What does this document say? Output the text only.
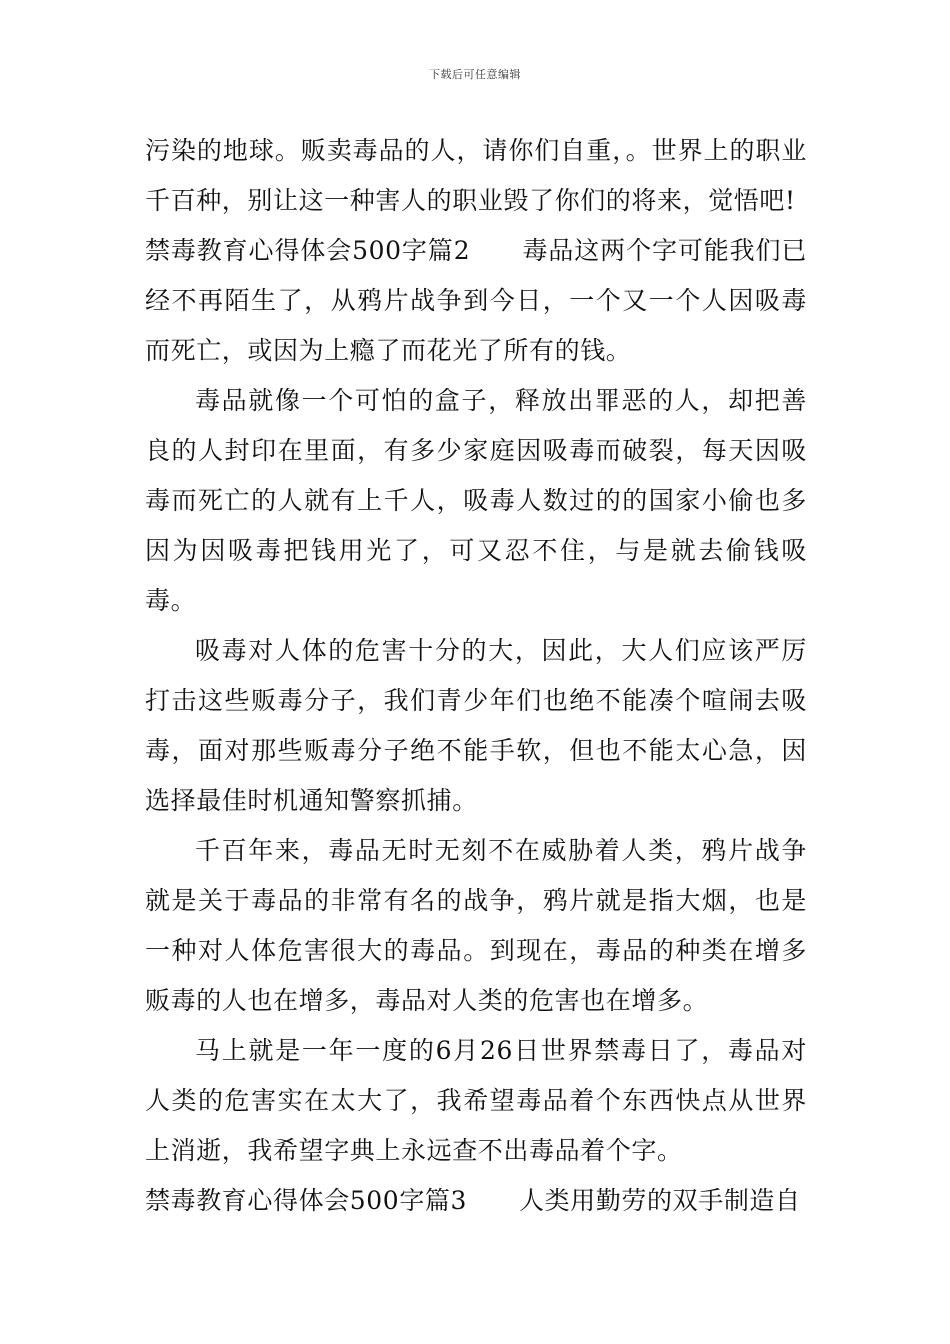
下载后可任意编辑

污染的地球。贩卖毒品的人，请你们自重，。世界上的职业千百种，别让这一种害人的职业毁了你们的将来，觉悟吧!

禁毒教育心得体会500字篇2 毒品这两个字可能我们已经不再陌生了，从鸦片战争到今日，一个又一个人因吸毒而死亡，或因为上瘾了而花光了所有的钱。

毒品就像一个可怕的盒子，释放出罪恶的人，却把善良的人封印在里面，有多少家庭因吸毒而破裂，每天因吸毒而死亡的人就有上千人，吸毒人数过的的国家小偷也多因为因吸毒把钱用光了，可又忍不住，与是就去偷钱吸毒。

吸毒对人体的危害十分的大，因此，大人们应该严厉打击这些贩毒分子，我们青少年们也绝不能凑个喧闹去吸毒，面对那些贩毒分子绝不能手软，但也不能太心急，因选择最佳时机通知警察抓捕。

千百年来，毒品无时无刻不在威胁着人类，鸦片战争就是关于毒品的非常有名的战争，鸦片就是指大烟，也是一种对人体危害很大的毒品。到现在，毒品的种类在增多贩毒的人也在增多，毒品对人类的危害也在增多。

马上就是一年一度的6月26日世界禁毒日了，毒品对人类的危害实在太大了，我希望毒品着个东西快点从世界上消逝，我希望字典上永远查不出毒品着个字。

禁毒教育心得体会500字篇3 人类用勤劳的双手制造自
